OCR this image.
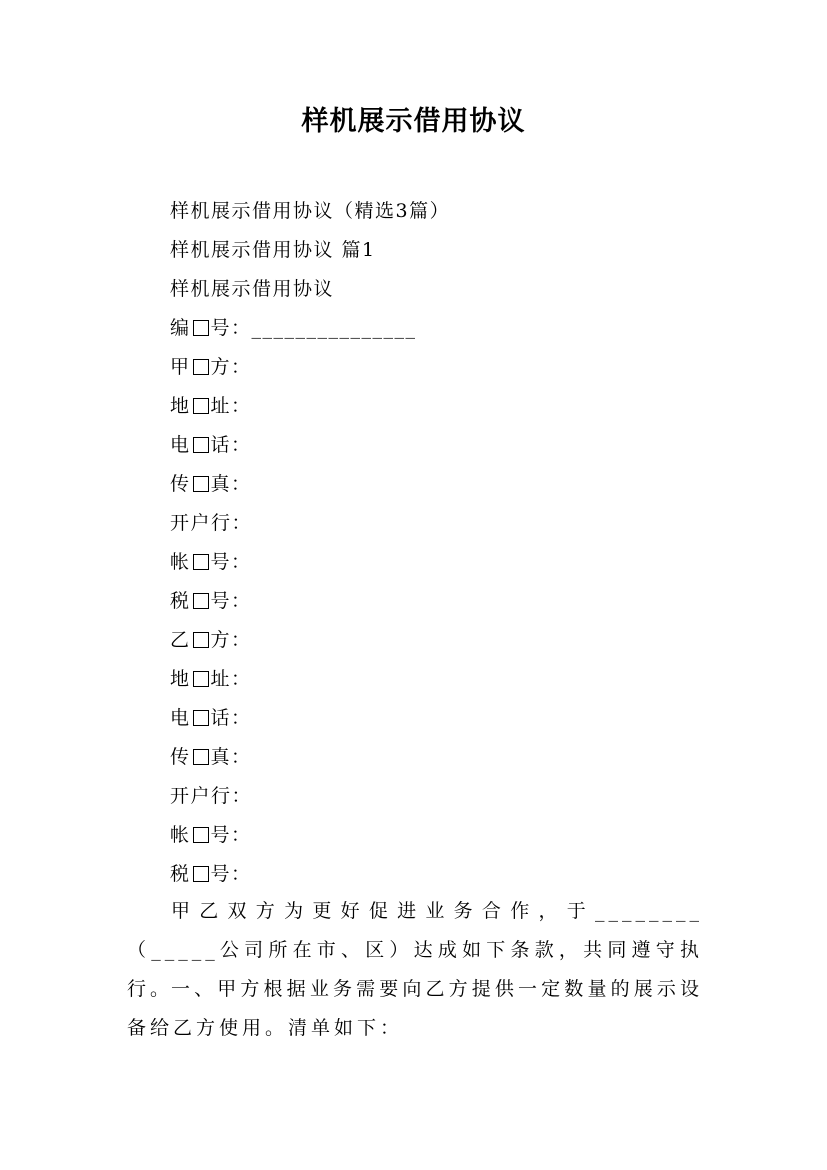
样机展示借用协议
样机展示借用协议（精选3篇）
样机展示借用协议 篇1
样机展示借用协议
编 号：_______________
甲 方：
地 址：
电 话：
传 真：
开户行：
帐 号：
税 号：
乙 方：
地 址：
电 话：
传 真：
开户行：
帐 号：
税 号：
甲乙双方为更好促进业务合作，于________（_____公司所在市、区）达成如下条款，共同遵守执行。
一、甲方根据业务需要向乙方提供一定数量的展示设备给乙方使用。清单如下：
